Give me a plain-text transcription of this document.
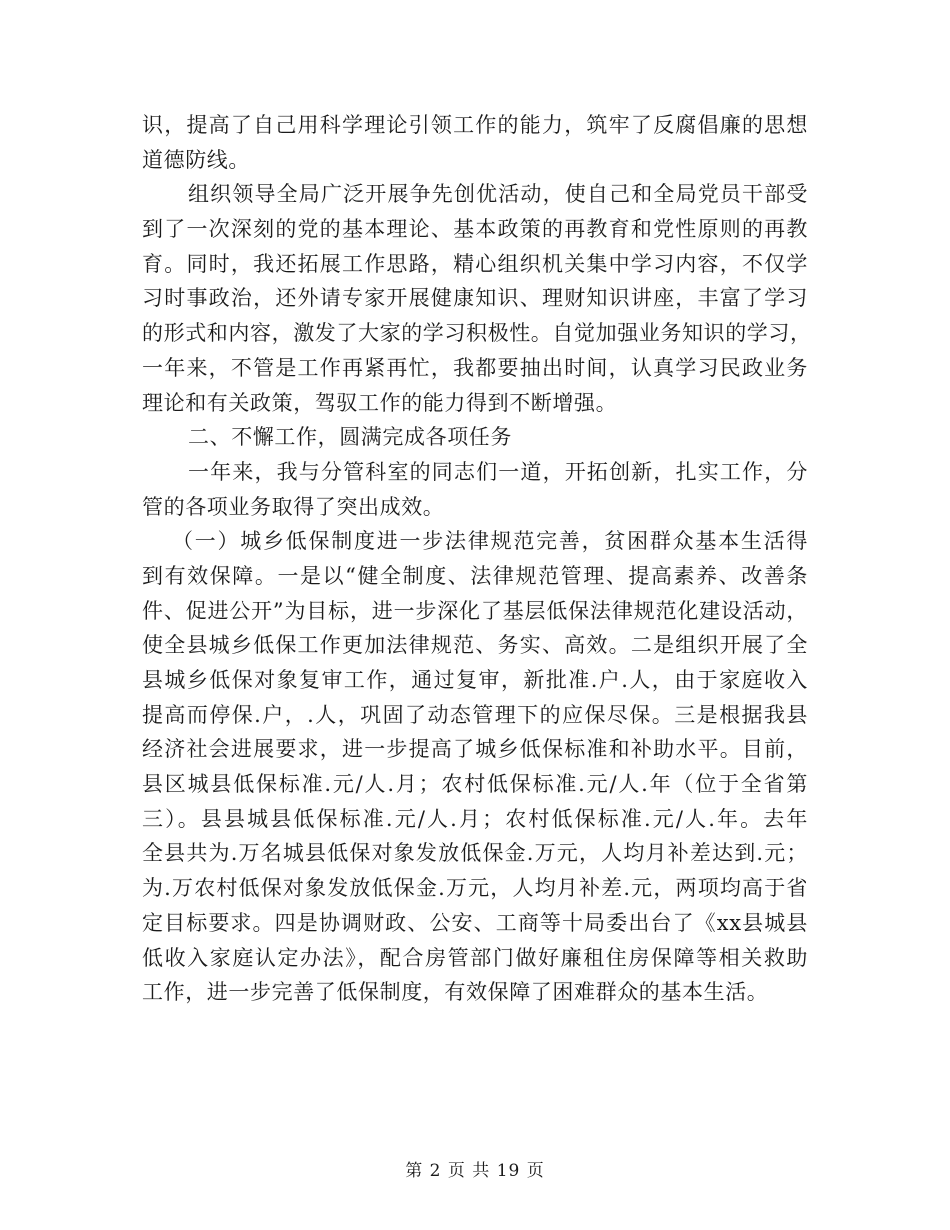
识，提高了自己用科学理论引领工作的能力，筑牢了反腐倡廉的思想

道德防线。

组织领导全局广泛开展争先创优活动，使自己和全局党员干部受

到了一次深刻的党的基本理论、基本政策的再教育和党性原则的再教

育。同时，我还拓展工作思路，精心组织机关集中学习内容，不仅学

习时事政治，还外请专家开展健康知识、理财知识讲座，丰富了学习

的形式和内容，激发了大家的学习积极性。自觉加强业务知识的学习，

一年来，不管是工作再紧再忙，我都要抽出时间，认真学习民政业务

理论和有关政策，驾驭工作的能力得到不断增强。

二、不懈工作，圆满完成各项任务

一年来，我与分管科室的同志们一道，开拓创新，扎实工作，分

管的各项业务取得了突出成效。

（一）城乡低保制度进一步法律规范完善，贫困群众基本生活得

到有效保障。一是以“健全制度、法律规范管理、提高素养、改善条

件、促进公开”为目标，进一步深化了基层低保法律规范化建设活动，

使全县城乡低保工作更加法律规范、务实、高效。二是组织开展了全

县城乡低保对象复审工作，通过复审，新批准.户.人，由于家庭收入

提高而停保.户，.人，巩固了动态管理下的应保尽保。三是根据我县

经济社会进展要求，进一步提高了城乡低保标准和补助水平。目前，

县区城县低保标准.元/人.月；农村低保标准.元/人.年（位于全省第

三）。县县城县低保标准.元/人.月；农村低保标准.元/人.年。去年

全县共为.万名城县低保对象发放低保金.万元，人均月补差达到.元；

为.万农村低保对象发放低保金.万元，人均月补差.元，两项均高于省

定目标要求。四是协调财政、公安、工商等十局委出台了《xx县城县

低收入家庭认定办法》，配合房管部门做好廉租住房保障等相关救助

工作，进一步完善了低保制度，有效保障了困难群众的基本生活。

第 2 页 共 19 页
